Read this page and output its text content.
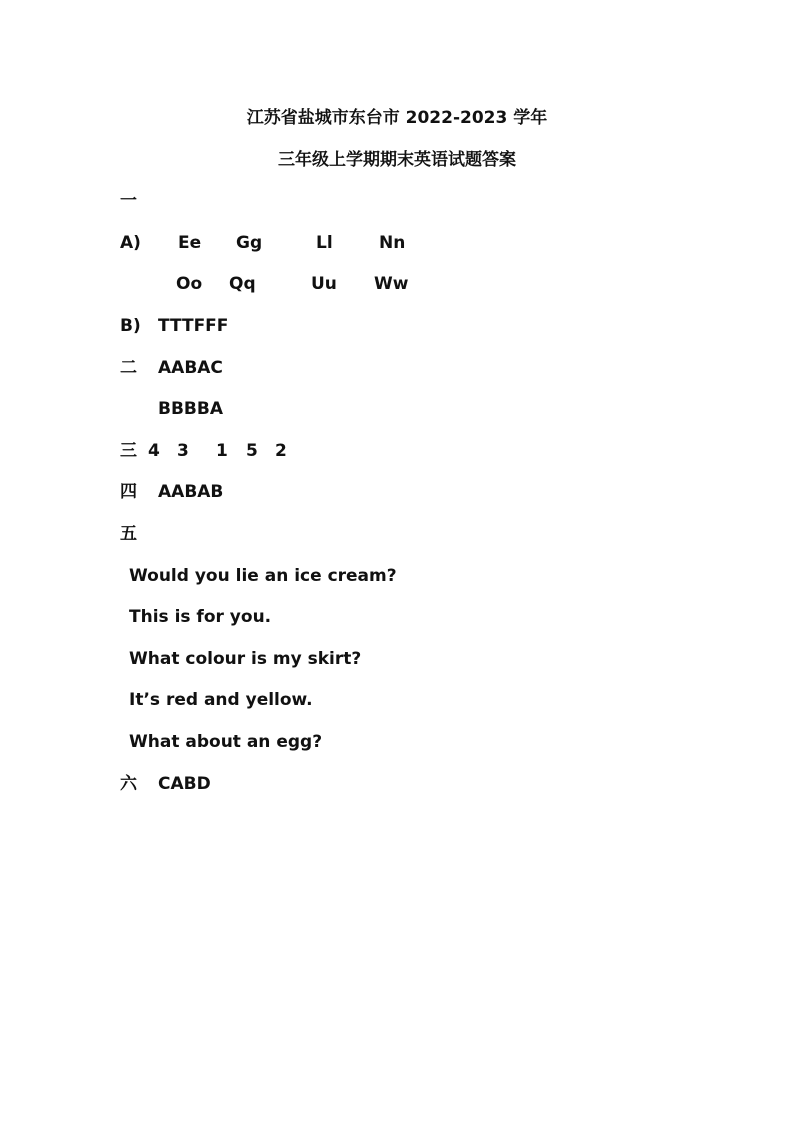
江苏省盐城市东台市 2022-2023 学年
三年级上学期期末英语试题答案
一
A) Ee Gg	Ll	Nn
Oo Qq	Uu Ww
B) TTTFFF
二 AABAC
BBBBA
三 4 3 1 5 2
四 AABAB
五
Would you lie an ice cream?
This is for you.
What colour is my skirt?
It’s red and yellow.
What about an egg?
六 CABD
